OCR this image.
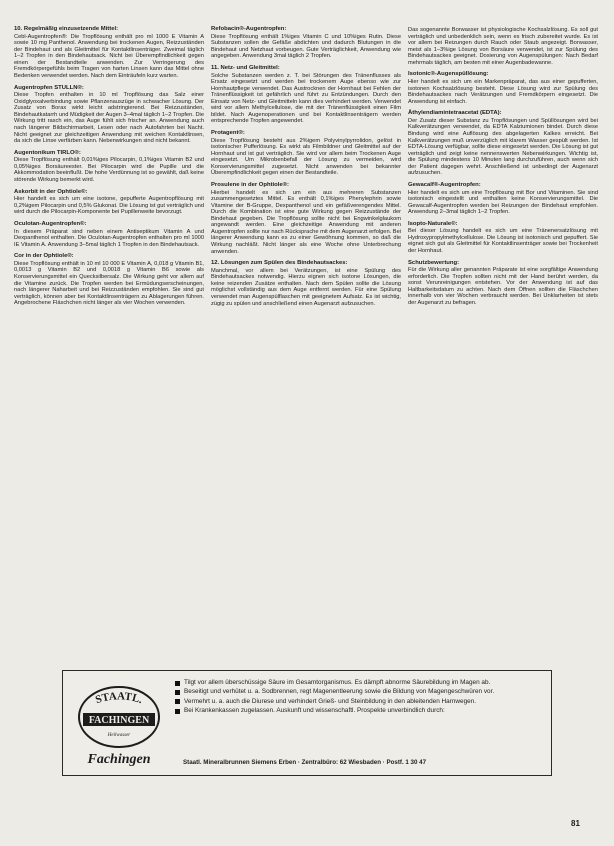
10. Regelmäßig einzusetzende Mittel:

Cebl-Augentropfen®: Die Tropflösung enthält pro ml 1000 E Vitamin A sowie 10 mg Panthenol. Anwendung bei trockenen Augen, Reizzuständen der Bindehaut und als Gleitmittel für Kontaktlinsenträger. Zweimal täglich 1–2 Tropfen in den Bindehautsack. Nicht bei Überempfindlichkeit gegen einen der Bestandteile anwenden. Zur Verringerung des Fremdkörpergefühls beim Tragen von harten Linsen kann das Mittel ohne Bedenken verwendet werden. Nach dem Einträufeln kurz warten.

Augentropfen STULLN®:

Diese Tropfen enthalten in 10 ml Tropflösung das Salz einer Oxidglyoxalverbindung sowie Pflanzenauszüge in schwacher Lösung. Der Zusatz von Borax wirkt leicht adstringierend. Bei Reizzuständen, Bindehautkatarrh und Müdigkeit der Augen 3–4mal täglich 1–2 Tropfen. Die Wirkung tritt rasch ein, das Auge fühlt sich frischer an. Anwendung auch nach längerer Bildschirmarbeit, Lesen oder nach Autofahrten bei Nacht. Nicht geeignet zur gleichzeitigen Anwendung mit weichen Kontaktlinsen, da sich die Linse verfärben kann. Nebenwirkungen sind nicht bekannt.

Augentonikum TIRLO®:

Diese Tropflösung enthält 0,01%iges Pilocarpin, 0,1%iges Vitamin B2 und 0,05%iges Borsäureester. Bei Pilocarpin wird die Pupille und die Akkommodation beeinflußt. Die hohe Verdünnung ist so gewählt, daß keine störende Wirkung bemerkt wird.

Askorbit in der Ophtiole®:

Hier handelt es sich um eine isotone, gepufferte Augentropflösung mit 0,2%igem Pilocarpin und 0,5% Glukonat. Die Lösung ist gut verträglich und wird durch die Pilocarpin-Komponente bei Pupillenweite bevorzugt.

Oculotan-Augentropfen®:

In diesem Präparat sind neben einem Antiseptikum Vitamin A und Dexpanthenol enthalten. Die Oculotan-Augentropfen enthalten pro ml 1000 IE Vitamin A. Anwendung 3–5mal täglich 1 Tropfen in den Bindehautsack.

Cor in der Ophtiole®:

Diese Tropflösung enthält in 10 ml 10 000 E Vitamin A, 0,018 g Vitamin B1, 0,0013 g Vitamin B2 und 0,0018 g Vitamin B6 sowie als Konservierungsmittel ein Quecksilbersalz. Die Wirkung geht vor allem auf die Vitamine zurück. Die Tropfen werden bei Ermüdungserscheinungen, nach längerer Naharbeit und bei Reizzuständen empfohlen. Sie sind gut verträglich, können aber bei Kontaktlinsenträgern zu Ablagerungen führen. Angebrochene Fläschchen nicht länger als vier Wochen verwenden.

Refobacin®-Augentropfen:

Diese Tropflösung enthält 1%iges Vitamin C und 10%iges Rutin. Diese Substanzen sollen die Gefäße abdichten und dadurch Blutungen in die Bindehaut und Netzhaut vorbeugen. Gute Verträglichkeit, Anwendung wie angegeben. Anwendung 3mal täglich 2 Tropfen.

11. Netz- und Gleitmittel:

Solche Substanzen werden z. T. bei Störungen des Tränenflusses als Ersatz eingesetzt und werden bei trockenem Auge ebenso wie zur Hornhautpflege verwendet. Das Austrocknen der Hornhaut bei Fehlen der Tränenflüssigkeit ist gefährlich und führt zu Entzündungen. Durch den Einsatz von Netz- und Gleitmitteln kann dies verhindert werden. Verwendet wird vor allem Methylcellulose, die mit der Tränenflüssigkeit einen Film bildet. Nach Augenoperationen und bei Kontaktlinsenträgern werden entsprechende Tropfen angewendet.

Protagent®:

Diese Tropflösung besteht aus 2%igem Polyvinylpyrrolidon, gelöst in isotonischer Pufferlösung. Es wirkt als Filmbildner und Gleitmittel auf der Hornhaut und ist gut verträglich. Sie wird vor allem beim Trockenen Auge eingesetzt. Um Mikrobenbefall der Lösung zu vermeiden, wird Konservierungsmittel zugesetzt. Nicht anwenden bei bekannter Überempfindlichkeit gegen einen der Bestandteile.

Prosulene in der Ophtiole®:

Hierbei handelt es sich um ein aus mehreren Substanzen zusammengesetztes Mittel. Es enthält 0,1%iges Phenylephrin sowie Vitamine der B-Gruppe, Dexpanthenol und ein gefäßverengendes Mittel. Durch die Kombination ist eine gute Wirkung gegen Reizzustände der Bindehaut gegeben. Die Tropflösung sollte nicht bei Engwinkelglaukom angewandt werden. Eine gleichzeitige Anwendung mit anderen Augentropfen sollte nur nach Rücksprache mit dem Augenarzt erfolgen. Bei längerer Anwendung kann es zu einer Gewöhnung kommen, so daß die Wirkung nachläßt. Nicht länger als eine Woche ohne Unterbrechung anwenden.

12. Lösungen zum Spülen des Bindehautsackes:

Manchmal, vor allem bei Verätzungen, ist eine Spülung des Bindehautsackes notwendig. Hierzu eignen sich isotone Lösungen, die keine reizenden Zusätze enthalten. Nach dem Spülen sollte die Lösung möglichst vollständig aus dem Auge entfernt werden. Für eine Spülung verwendet man Augenspülflaschen mit geeignetem Aufsatz. Es ist wichtig, zügig zu spülen und anschließend einen Augenarzt aufzusuchen.

Das sogenannte Borwasser ist physiologische Kochsalzlösung. Es soll gut verträglich und unbedenklich sein, wenn es frisch zubereitet wurde. Es ist vor allem bei Reizungen durch Rauch oder Staub angezeigt. Borwasser, meist als 1–3%ige Lösung von Borsäure verwendet, ist zur Spülung des Bindehautsackes geeignet. Dosierung von Augenspülungen: Nach Bedarf mehrmals täglich, am besten mit einer Augenbadewanne.

Isotonic®-Augenspüllösung:

Hier handelt es sich um ein Markenpräparat, das aus einer gepufferten, isotonen Kochsalzlösung besteht. Diese Lösung wird zur Spülung des Bindehautsackes nach Verätzungen und Fremdkörpern eingesetzt. Die Anwendung ist einfach.

Äthylendiamintetraacetat (EDTA):

Der Zusatz dieser Substanz zu Tropflösungen und Spüllösungen wird bei Kalkverätzungen verwendet, da EDTA Kalziumionen bindet. Durch diese Bindung wird eine Auflösung des abgelagerten Kalkes erreicht. Bei Kalkverätzungen muß unverzüglich mit klarem Wasser gespült werden. Ist EDTA-Lösung verfügbar, sollte diese eingesetzt werden. Die Lösung ist gut verträglich und zeigt keine nennenswerten Nebenwirkungen. Wichtig ist, die Spülung mindestens 10 Minuten lang durchzuführen, auch wenn sich der Patient dagegen wehrt. Anschließend ist unbedingt der Augenarzt aufzusuchen.

Gewacalf®-Augentropfen:

Hier handelt es sich um eine Tropflösung mit Bor und Vitaminen. Sie sind isotonisch eingestellt und enthalten keine Konservierungsmittel. Die Gewacalf-Augentropfen werden bei Reizungen der Bindehaut empfohlen. Anwendung 2–3mal täglich 1–2 Tropfen.

Isopto-Naturale®:

Bei dieser Lösung handelt es sich um eine Tränenersatzlösung mit Hydroxypropylmethylcellulose. Die Lösung ist isotonisch und gepuffert. Sie eignet sich gut als Gleitmittel für Kontaktlinsenträger sowie bei Trockenheit der Hornhaut.

Schutzbewertung:

Für die Wirkung aller genannten Präparate ist eine sorgfältige Anwendung erforderlich. Die Tropfen sollten nicht mit der Hand berührt werden, da sonst Verunreinigungen entstehen. Vor der Anwendung ist auf das Haltbarkeitsdatum zu achten. Nach dem Öffnen sollten die Fläschchen innerhalb von vier Wochen verbraucht werden. Bei Unklarheiten ist stets der Augenarzt zu befragen.

STAATL.
FACHINGEN
Heilwasser
Fachingen
Tilgt vor allem überschüssige Säure im Gesamtorganismus. Es dämpft abnorme Säurebildung im Magen ab.
Beseitigt und verhütet u. a. Sodbrennen, regt Magenentleerung sowie die Bildung von Magengeschwüren vor.
Vermehrt u. a. auch die Diurese und verhindert Grieß- und Steinbildung in den ableitenden Harnwegen.
Bei Krankenkassen zugelassen. Auskunft und wissenschaftl. Prospekte unverbindlich durch:
Staatl. Mineralbrunnen Siemens Erben · Zentralbüro: 62 Wiesbaden · Postf. 1 30 47
81
